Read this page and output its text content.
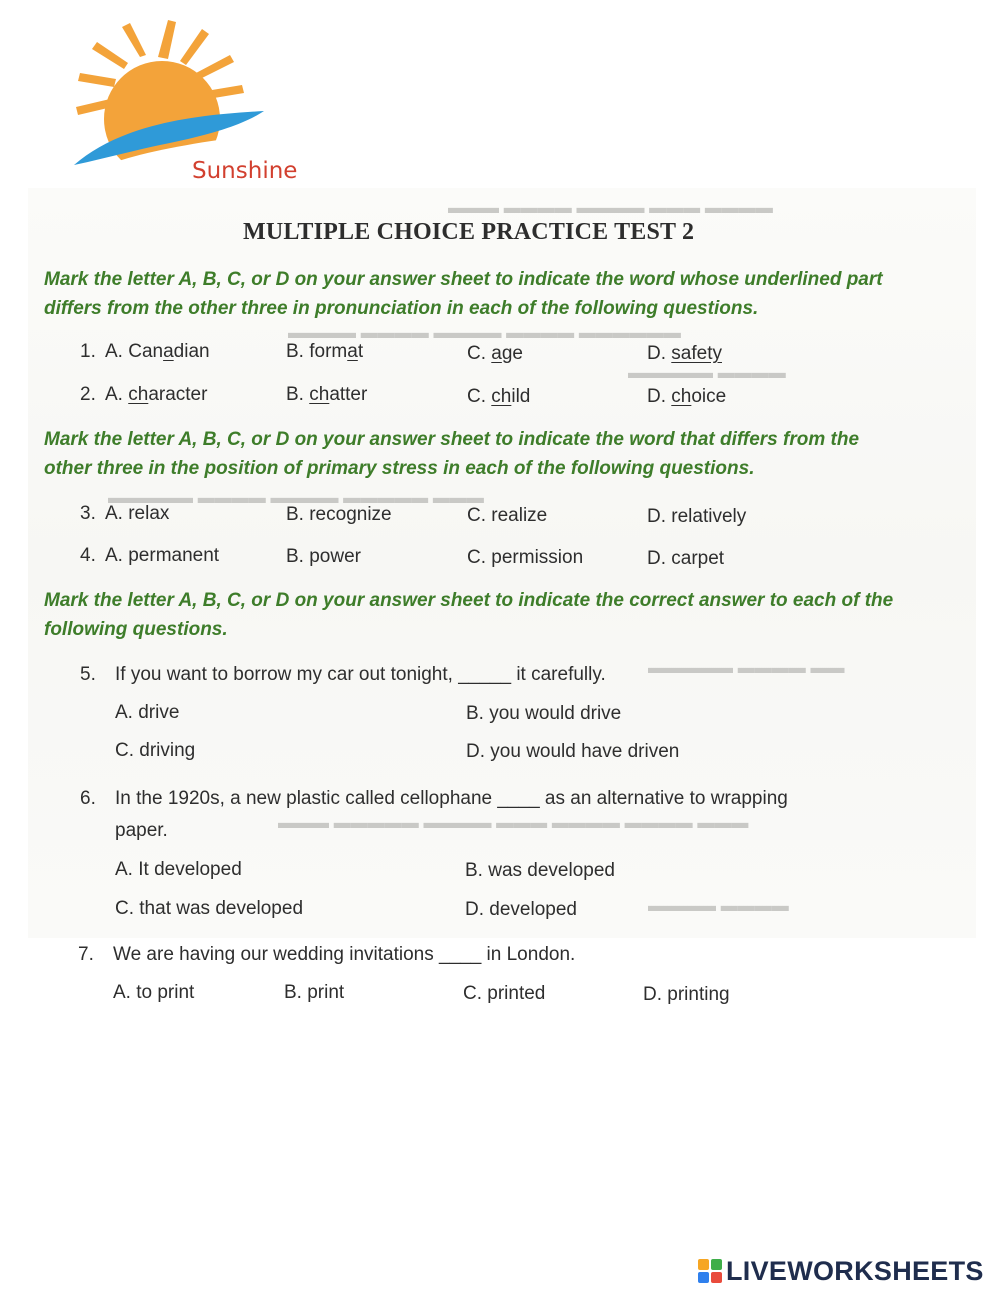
▬▬▬▬ ▬▬▬ ▬▬▬▬ ▬▬▬▬ ▬▬▬
▬▬▬▬▬▬ ▬▬▬▬ ▬▬▬▬ ▬▬▬▬ ▬▬▬▬
▬▬▬▬ ▬▬▬▬▬
▬▬▬ ▬▬▬▬▬ ▬▬▬▬ ▬▬▬▬ ▬▬▬▬▬
▬▬ ▬▬▬▬ ▬▬▬▬▬
▬▬▬ ▬▬▬▬ ▬▬▬▬ ▬▬▬ ▬▬▬▬ ▬▬▬▬▬ ▬▬▬
▬▬▬▬ ▬▬▬▬
Sunshine
MULTIPLE CHOICE PRACTICE TEST 2
Mark the letter A, B, C, or D on your answer sheet to indicate the word whose underlined part differs from the other three in pronunciation in each of the following questions.
1. A. Canadian	B. format	C. age	D. safety
2. A. character	B. chatter	C. child	D. choice
Mark the letter A, B, C, or D on your answer sheet to indicate the word that differs from the other three in the position of primary stress in each of the following questions.
3. A. relax	B. recognize	C. realize	D. relatively
4. A. permanent	B. power	C. permission	D. carpet
Mark the letter A, B, C, or D on your answer sheet to indicate the correct answer to each of the following questions.
5. If you want to borrow my car out tonight, _____ it carefully.
A. drive	B. you would drive
C. driving	D. you would have driven
6. In the 1920s, a new plastic called cellophane ____ as an alternative to wrapping
paper.
A. It developed	B. was developed
C. that was developed	D. developed
7. We are having our wedding invitations ____ in London.
A. to print	B. print	C. printed	D. printing
LIVEWORKSHEETS
